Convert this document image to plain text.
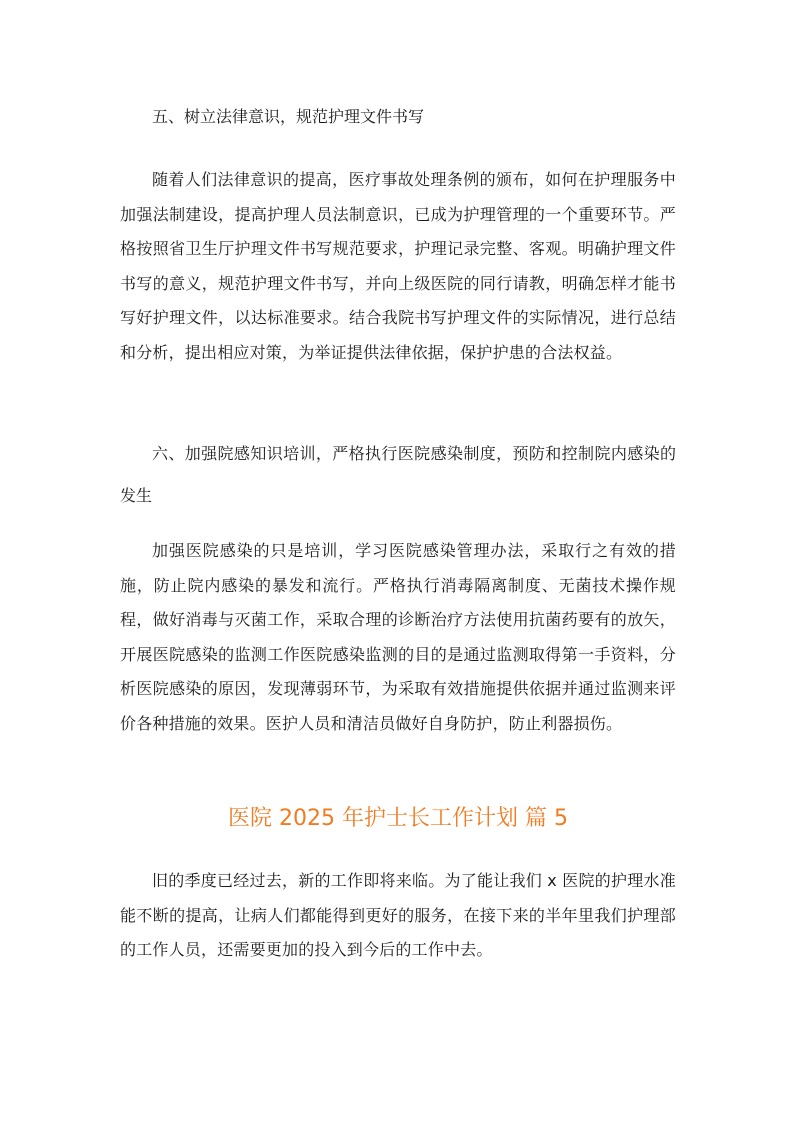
五、树立法律意识，规范护理文件书写

随着人们法律意识的提高，医疗事故处理条例的颁布，如何在护理服务中加强法制建设，提高护理人员法制意识，已成为护理管理的一个重要环节。严格按照省卫生厅护理文件书写规范要求，护理记录完整、客观。明确护理文件书写的意义，规范护理文件书写，并向上级医院的同行请教，明确怎样才能书写好护理文件，以达标准要求。结合我院书写护理文件的实际情况，进行总结和分析，提出相应对策，为举证提供法律依据，保护护患的合法权益。

六、加强院感知识培训，严格执行医院感染制度，预防和控制院内感染的发生

加强医院感染的只是培训，学习医院感染管理办法，采取行之有效的措施，防止院内感染的暴发和流行。严格执行消毒隔离制度、无菌技术操作规程，做好消毒与灭菌工作，采取合理的诊断治疗方法使用抗菌药要有的放矢，开展医院感染的监测工作医院感染监测的目的是通过监测取得第一手资料，分析医院感染的原因，发现薄弱环节，为采取有效措施提供依据并通过监测来评价各种措施的效果。医护人员和清洁员做好自身防护，防止利器损伤。

医院 2025 年护士长工作计划 篇 5

旧的季度已经过去，新的工作即将来临。为了能让我们 x 医院的护理水准能不断的提高，让病人们都能得到更好的服务，在接下来的半年里我们护理部的工作人员，还需要更加的投入到今后的工作中去。
